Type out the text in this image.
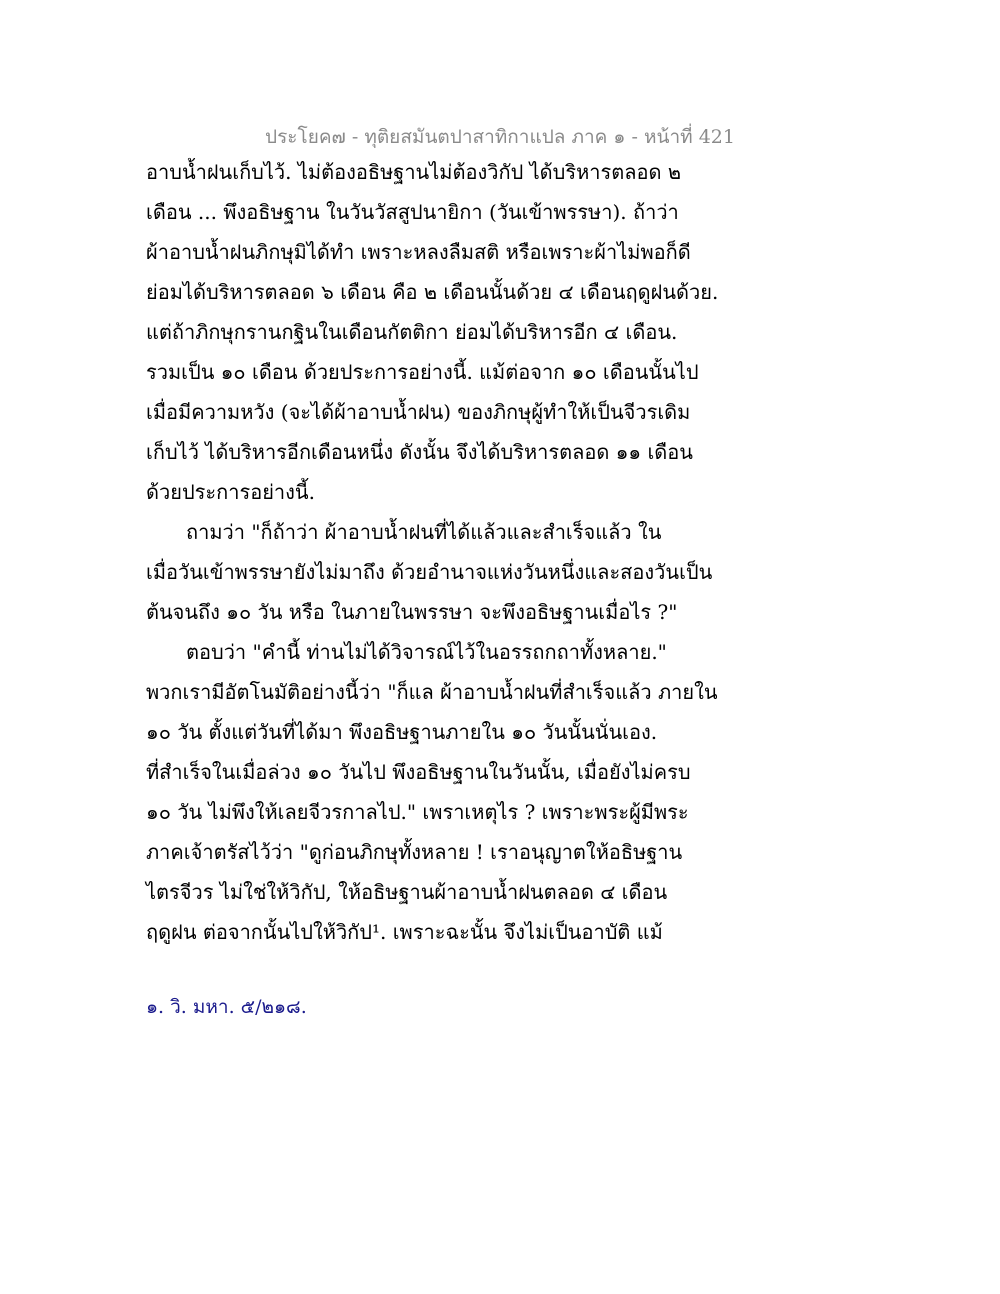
ประโยค๗ - ทุติยสมันตปาสาทิกาแปล ภาค ๑ - หน้าที่ 421
อาบน้ำฝนเก็บไว้. ไม่ต้องอธิษฐานไม่ต้องวิกัป ได้บริหารตลอด ๒
เดือน ... พึงอธิษฐาน ในวันวัสสูปนายิกา (วันเข้าพรรษา). ถ้าว่า
ผ้าอาบน้ำฝนภิกษุมิได้ทำ เพราะหลงลืมสติ หรือเพราะผ้าไม่พอก็ดี
ย่อมได้บริหารตลอด ๖ เดือน คือ ๒ เดือนนั้นด้วย ๔ เดือนฤดูฝนด้วย.
แต่ถ้าภิกษุกรานกฐินในเดือนกัตติกา ย่อมได้บริหารอีก ๔ เดือน.
รวมเป็น ๑๐ เดือน ด้วยประการอย่างนี้. แม้ต่อจาก ๑๐ เดือนนั้นไป
เมื่อมีความหวัง (จะได้ผ้าอาบน้ำฝน) ของภิกษุผู้ทำให้เป็นจีวรเดิม
เก็บไว้ ได้บริหารอีกเดือนหนึ่ง ดังนั้น จึงได้บริหารตลอด ๑๑ เดือน
ด้วยประการอย่างนี้.
ถามว่า "ก็ถ้าว่า ผ้าอาบน้ำฝนที่ได้แล้วและสำเร็จแล้ว ใน
เมื่อวันเข้าพรรษายังไม่มาถึง ด้วยอำนาจแห่งวันหนึ่งและสองวันเป็น
ต้นจนถึง ๑๐ วัน หรือ ในภายในพรรษา จะพึงอธิษฐานเมื่อไร ?"
ตอบว่า "คำนี้ ท่านไม่ได้วิจารณ์ไว้ในอรรถกถาทั้งหลาย."
พวกเรามีอัตโนมัติอย่างนี้ว่า "ก็แล ผ้าอาบน้ำฝนที่สำเร็จแล้ว ภายใน
๑๐ วัน ตั้งแต่วันที่ได้มา พึงอธิษฐานภายใน ๑๐ วันนั้นนั่นเอง.
ที่สำเร็จในเมื่อล่วง ๑๐ วันไป พึงอธิษฐานในวันนั้น, เมื่อยังไม่ครบ
๑๐ วัน ไม่พึงให้เลยจีวรกาลไป." เพราเหตุไร ? เพราะพระผู้มีพระ
ภาคเจ้าตรัสไว้ว่า "ดูก่อนภิกษุทั้งหลาย ! เราอนุญาตให้อธิษฐาน
ไตรจีวร ไม่ใช่ให้วิกัป, ให้อธิษฐานผ้าอาบน้ำฝนตลอด ๔ เดือน
ฤดูฝน ต่อจากนั้นไปให้วิกัป¹. เพราะฉะนั้น จึงไม่เป็นอาบัติ แม้
๑. วิ. มหา. ๕/๒๑๘.
